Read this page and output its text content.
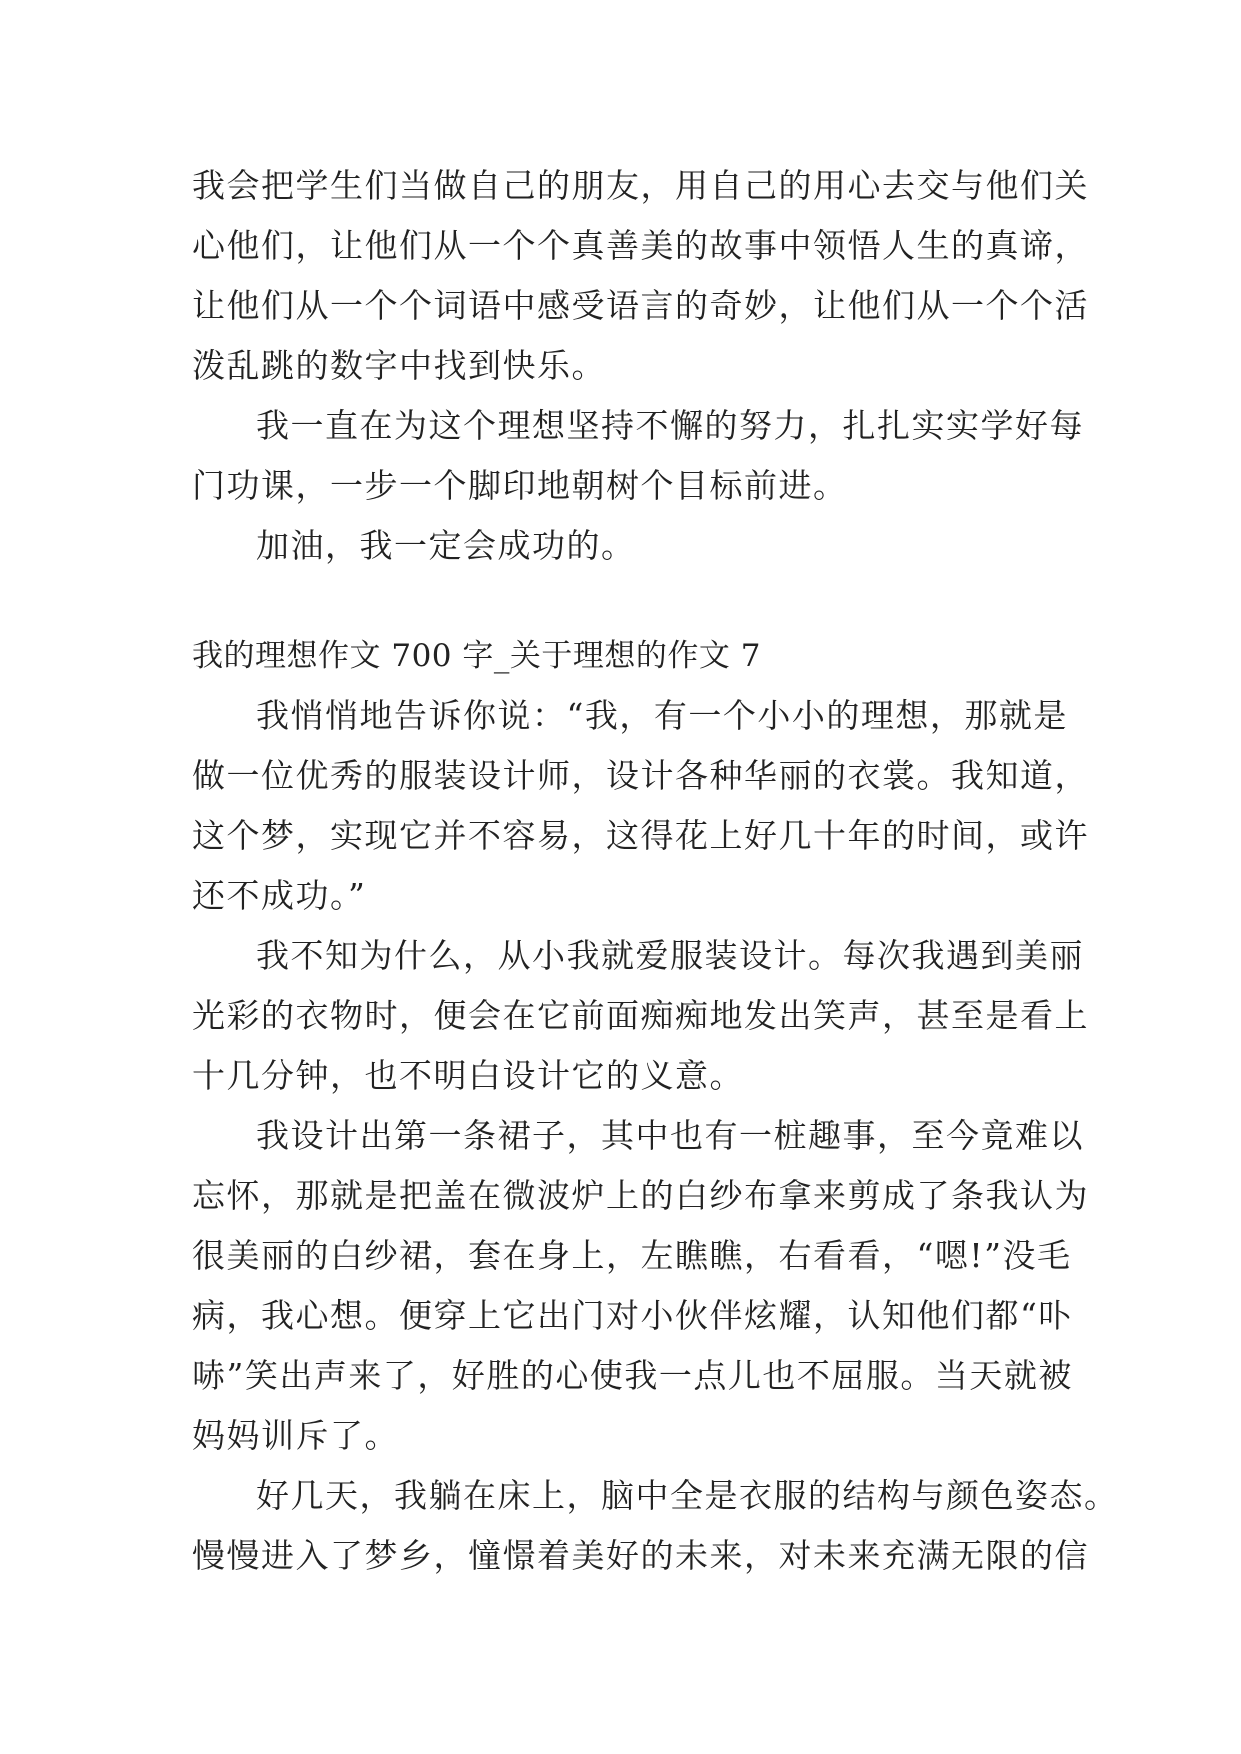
我会把学生们当做自己的朋友，用自己的用心去交与他们关
心他们，让他们从一个个真善美的故事中领悟人生的真谛，
让他们从一个个词语中感受语言的奇妙，让他们从一个个活
泼乱跳的数字中找到快乐。
我一直在为这个理想坚持不懈的努力，扎扎实实学好每
门功课，一步一个脚印地朝树个目标前进。
加油，我一定会成功的。
我的理想作文 700 字_关于理想的作文 7
我悄悄地告诉你说：“我，有一个小小的理想，那就是
做一位优秀的服装设计师，设计各种华丽的衣裳。我知道，
这个梦，实现它并不容易，这得花上好几十年的时间，或许
还不成功。”
我不知为什么，从小我就爱服装设计。每次我遇到美丽
光彩的衣物时，便会在它前面痴痴地发出笑声，甚至是看上
十几分钟，也不明白设计它的义意。
我设计出第一条裙子，其中也有一桩趣事，至今竟难以
忘怀，那就是把盖在微波炉上的白纱布拿来剪成了条我认为
很美丽的白纱裙，套在身上，左瞧瞧，右看看，“嗯!”没毛
病，我心想。便穿上它出门对小伙伴炫耀，认知他们都“卟
哧”笑出声来了，好胜的心使我一点儿也不屈服。当天就被
妈妈训斥了。
好几天，我躺在床上，脑中全是衣服的结构与颜色姿态。
慢慢进入了梦乡，憧憬着美好的未来，对未来充满无限的信
